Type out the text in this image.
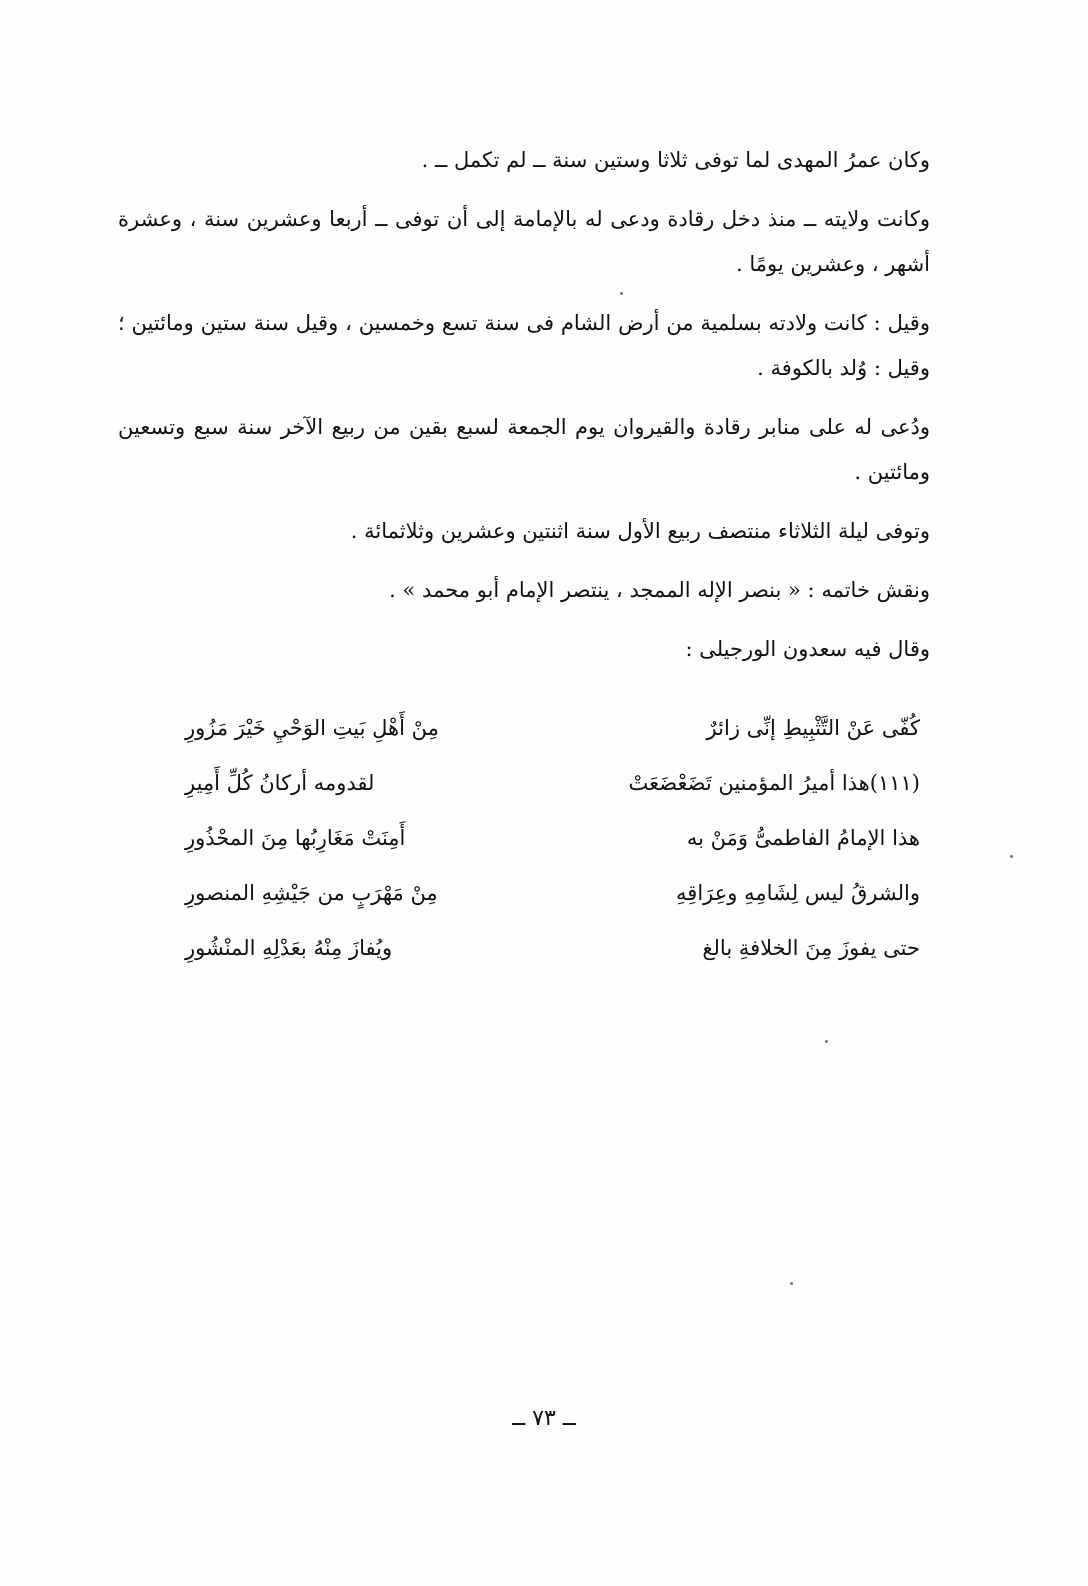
وكان عمرُ المهدى لما توفى ثلاثا وستين سنة ــ لم تكمل ــ .

وكانت ولايته ــ منذ دخل رقادة ودعى له بالإمامة إلى أن توفى ــ أربعا وعشرين سنة ، وعشرة أشهر ، وعشرين يومًا .

وقيل : كانت ولادته بسلمية من أرض الشام فى سنة تسع وخمسين ، وقيل سنة ستين ومائتين ؛ وقيل : وُلد بالكوفة .

ودُعى له على منابر رقادة والقيروان يوم الجمعة لسبع بقين من ربيع الآخر سنة سبع وتسعين ومائتين .

وتوفى ليلة الثلاثاء منتصف ربيع الأول سنة اثنتين وعشرين وثلاثمائة .

ونقش خاتمه : « بنصر الإله الممجد ، ينتصر الإمام أبو محمد » .

وقال فيه سعدون الورجيلى :

كُفّى عَنْ التَّثْبِيطِ إنِّى زائرٌ
مِنْ أَهْلِ بَيتِ الوَحْيِ خَيْرَ مَزُورِ
(١١١)هذا أميرُ المؤمنين تَضَعْضَعَتْ
لقدومه أركانُ كُلِّ أَمِيرِ
هذا الإمامُ الفاطمىُّ وَمَنْ به
أَمِنَتْ مَغَارِبُها مِنَ المحْذُورِ
والشرقُ ليس لِشَامِهِ وعِرَاقِهِ
مِنْ مَهْرَبٍ من جَيْشِهِ المنصورِ
حتى يفوزَ مِنَ الخلافةِ بالغ
ويُفازَ مِنْهُ بعَدْلِهِ المنْشُورِ
ــ ٧٣ ــ
